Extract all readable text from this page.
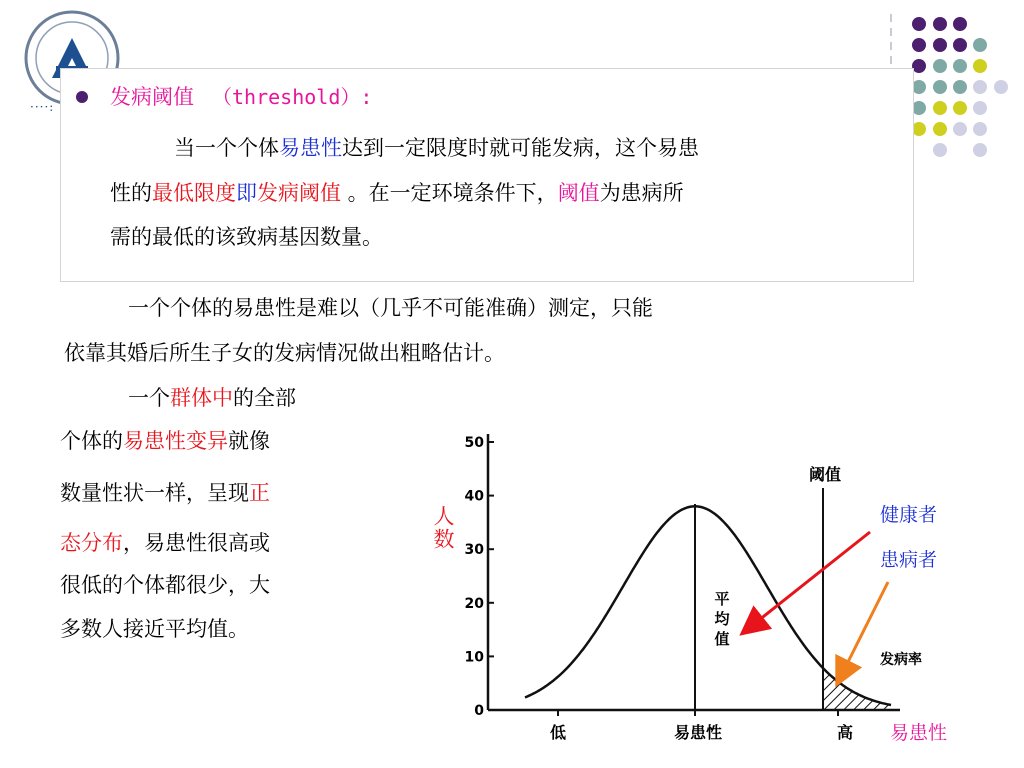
····:	发病阈值 （threshold）:
当一个个体易患性达到一定限度时就可能发病，这个易患
性的最低限度即发病阈值 。在一定环境条件下，阈值为患病所
需的最低的该致病基因数量。
一个个体的易患性是难以（几乎不可能准确）测定，只能
依靠其婚后所生子女的发病情况做出粗略估计。
一个群体中的全部
个体的易患性变异就像
数量性状一样，呈现正
态分布，易患性很高或
很低的个体都很少，大
多数人接近平均值。
人数
50
40
30
20
10
0
低	易患性	高
阈值
发病率
平
均
值
健康者
患病者
易患性
